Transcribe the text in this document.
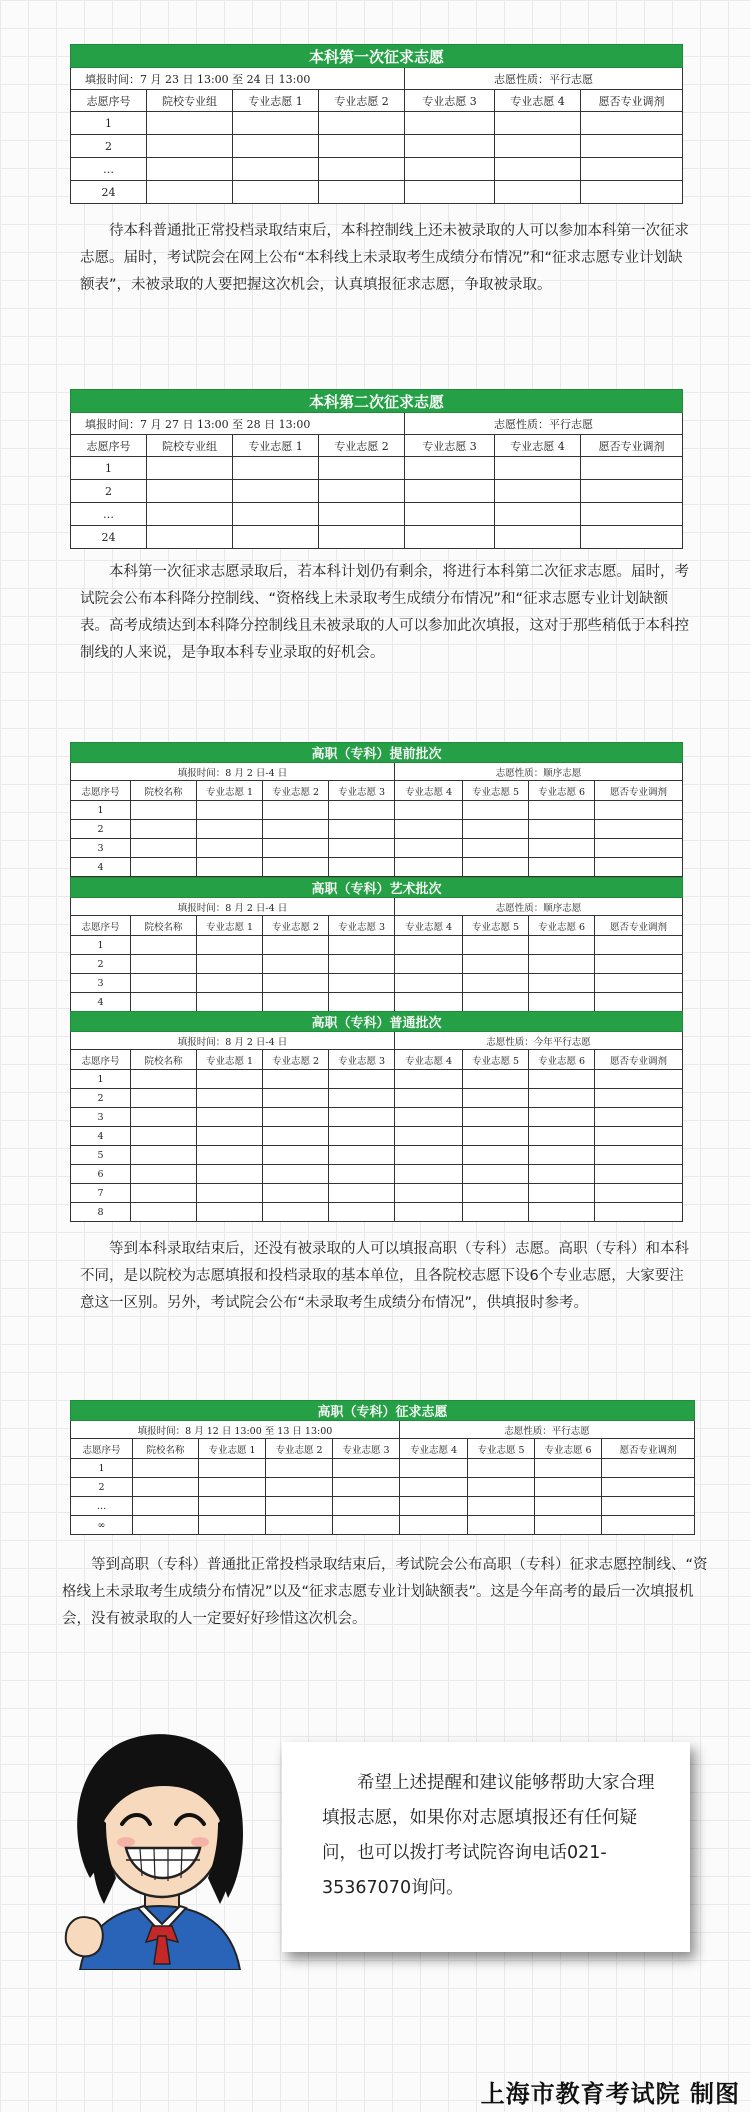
本科第一次征求志愿						
填报时间：7 月 23 日 13:00 至 24 日 13:00				志愿性质：平行志愿		
志愿序号	院校专业组	专业志愿 1	专业志愿 2	专业志愿 3	专业志愿 4	愿否专业调剂
1						
2						
…						
24						

待本科普通批正常投档录取结束后，本科控制线上还未被录取的人可以参加本科第一次征求志愿。届时，考试院会在网上公布“本科线上未录取考生成绩分布情况”和“征求志愿专业计划缺额表”，未被录取的人要把握这次机会，认真填报征求志愿，争取被录取。

本科第二次征求志愿						
填报时间：7 月 27 日 13:00 至 28 日 13:00				志愿性质：平行志愿		
志愿序号	院校专业组	专业志愿 1	专业志愿 2	专业志愿 3	专业志愿 4	愿否专业调剂
1						
2						
…						
24						

本科第一次征求志愿录取后，若本科计划仍有剩余，将进行本科第二次征求志愿。届时，考试院会公布本科降分控制线、“资格线上未录取考生成绩分布情况”和“征求志愿专业计划缺额表。高考成绩达到本科降分控制线且未被录取的人可以参加此次填报，这对于那些稍低于本科控制线的人来说，是争取本科专业录取的好机会。

高职（专科）提前批次								
填报时间：8 月 2 日-4 日					志愿性质：顺序志愿			
志愿序号	院校名称	专业志愿 1	专业志愿 2	专业志愿 3	专业志愿 4	专业志愿 5	专业志愿 6	愿否专业调剂
1								
2								
3								
4								
高职（专科）艺术批次								
填报时间：8 月 2 日-4 日					志愿性质：顺序志愿			
志愿序号	院校名称	专业志愿 1	专业志愿 2	专业志愿 3	专业志愿 4	专业志愿 5	专业志愿 6	愿否专业调剂
1								
2								
3								
4								
高职（专科）普通批次								
填报时间：8 月 2 日-4 日					志愿性质：今年平行志愿			
志愿序号	院校名称	专业志愿 1	专业志愿 2	专业志愿 3	专业志愿 4	专业志愿 5	专业志愿 6	愿否专业调剂
1								
2								
3								
4								
5								
6								
7								
8								

等到本科录取结束后，还没有被录取的人可以填报高职（专科）志愿。高职（专科）和本科不同，是以院校为志愿填报和投档录取的基本单位，且各院校志愿下设6个专业志愿，大家要注意这一区别。另外，考试院会公布“未录取考生成绩分布情况”，供填报时参考。

高职（专科）征求志愿								
填报时间：8 月 12 日 13:00 至 13 日 13:00					志愿性质：平行志愿			
志愿序号	院校名称	专业志愿 1	专业志愿 2	专业志愿 3	专业志愿 4	专业志愿 5	专业志愿 6	愿否专业调剂
1								
2								
…								
∞								

等到高职（专科）普通批正常投档录取结束后，考试院会公布高职（专科）征求志愿控制线、“资格线上未录取考生成绩分布情况”以及“征求志愿专业计划缺额表”。这是今年高考的最后一次填报机会，没有被录取的人一定要好好珍惜这次机会。

希望上述提醒和建议能够帮助大家合理填报志愿，如果你对志愿填报还有任何疑问，也可以拨打考试院咨询电话021-35367070询问。

上海市教育考试院 制图
